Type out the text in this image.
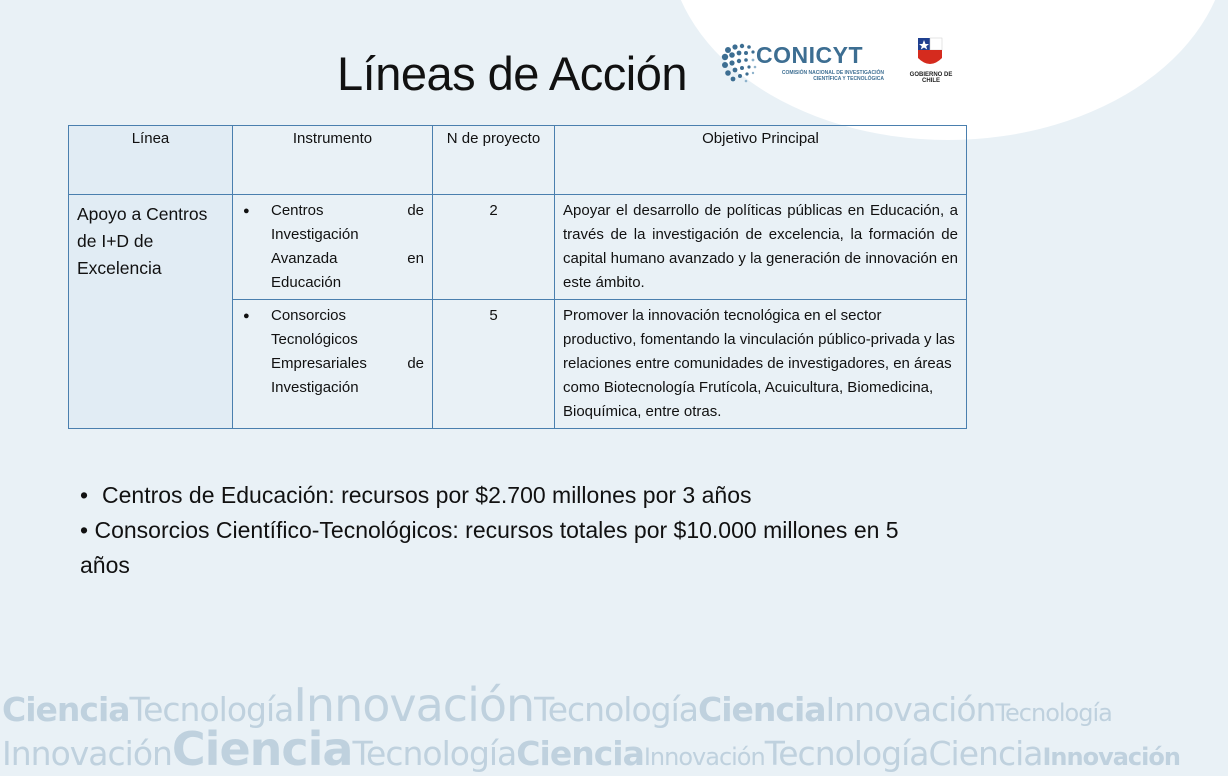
Líneas de Acción	CONICYT
COMISIÓN NACIONAL DE INVESTIGACIÓN
CIENTÍFICA Y TECNOLÓGICA
GOBIERNO DE CHILE
Línea	Instrumento	N de proyecto	Objetivo Principal
Apoyo a Centros de I+D de Excelencia	● Centros de Investigación Avanzada en Educación	2	Apoyar el desarrollo de políticas públicas en Educación, a través de la investigación de excelencia, la formación de capital humano avanzado y la generación de innovación en este ámbito.

	● Consorcios Tecnológicos Empresariales de Investigación	5	Promover la innovación tecnológica en el sector productivo, fomentando la vinculación público-privada y las relaciones entre comunidades de investigadores, en áreas como Biotecnología Frutícola, Acuicultura, Biomedicina, Bioquímica, entre otras.

• Centros de Educación: recursos por $2.700 millones por 3 años

• Consorcios Científico-Tecnológicos: recursos totales por $10.000 millones en 5 años

CienciaTecnologíaInnovaciónTecnologíaCienciaInnovaciónTecnología
InnovaciónCienciaTecnologíaCienciaInnovaciónTecnologíaCienciaInnovación
